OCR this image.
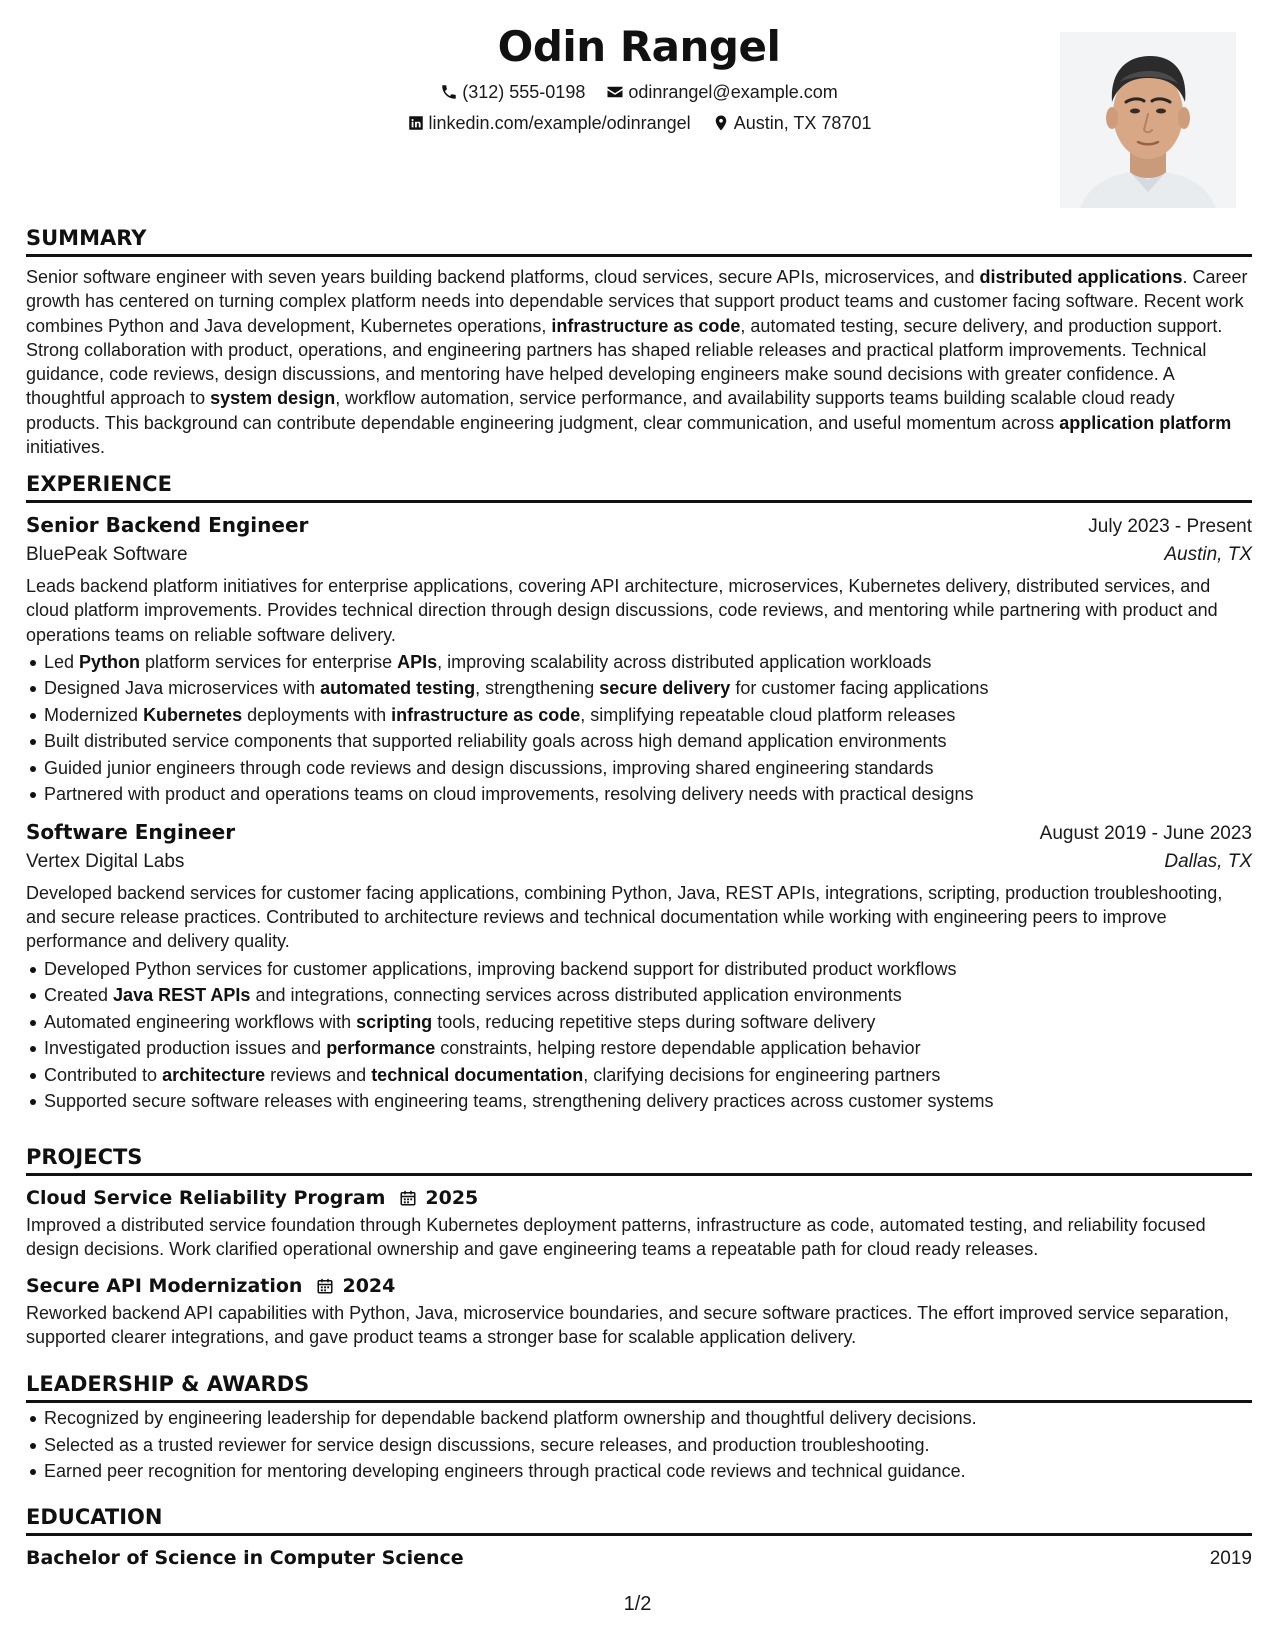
Odin Rangel
(312) 555-0198
odinrangel@example.com
linkedin.com/example/odinrangel
Austin, TX 78701
SUMMARY

Senior software engineer with seven years building backend platforms, cloud services, secure APIs, microservices, and distributed applications. Career growth has centered on turning complex platform needs into dependable services that support product teams and customer facing software. Recent work combines Python and Java development, Kubernetes operations, infrastructure as code, automated testing, secure delivery, and production support. Strong collaboration with product, operations, and engineering partners has shaped reliable releases and practical platform improvements. Technical guidance, code reviews, design discussions, and mentoring have helped developing engineers make sound decisions with greater confidence. A thoughtful approach to system design, workflow automation, service performance, and availability supports teams building scalable cloud ready products. This background can contribute dependable engineering judgment, clear communication, and useful momentum across application platform initiatives.

EXPERIENCE
Senior Backend Engineer	July 2023 - Present
BluePeak Software	Austin, TX

Leads backend platform initiatives for enterprise applications, covering API architecture, microservices, Kubernetes delivery, distributed services, and cloud platform improvements. Provides technical direction through design discussions, code reviews, and mentoring while partnering with product and operations teams on reliable software delivery.

Led Python platform services for enterprise APIs, improving scalability across distributed application workloads
Designed Java microservices with automated testing, strengthening secure delivery for customer facing applications
Modernized Kubernetes deployments with infrastructure as code, simplifying repeatable cloud platform releases
Built distributed service components that supported reliability goals across high demand application environments
Guided junior engineers through code reviews and design discussions, improving shared engineering standards
Partnered with product and operations teams on cloud improvements, resolving delivery needs with practical designs
Software Engineer	August 2019 - June 2023
Vertex Digital Labs	Dallas, TX

Developed backend services for customer facing applications, combining Python, Java, REST APIs, integrations, scripting, production troubleshooting, and secure release practices. Contributed to architecture reviews and technical documentation while working with engineering peers to improve performance and delivery quality.

Developed Python services for customer applications, improving backend support for distributed product workflows
Created Java REST APIs and integrations, connecting services across distributed application environments
Automated engineering workflows with scripting tools, reducing repetitive steps during software delivery
Investigated production issues and performance constraints, helping restore dependable application behavior
Contributed to architecture reviews and technical documentation, clarifying decisions for engineering partners
Supported secure software releases with engineering teams, strengthening delivery practices across customer systems
PROJECTS
Cloud Service Reliability Program 2025

Improved a distributed service foundation through Kubernetes deployment patterns, infrastructure as code, automated testing, and reliability focused design decisions. Work clarified operational ownership and gave engineering teams a repeatable path for cloud ready releases.

Secure API Modernization 2024

Reworked backend API capabilities with Python, Java, microservice boundaries, and secure software practices. The effort improved service separation, supported clearer integrations, and gave product teams a stronger base for scalable application delivery.

LEADERSHIP & AWARDS
Recognized by engineering leadership for dependable backend platform ownership and thoughtful delivery decisions.
Selected as a trusted reviewer for service design discussions, secure releases, and production troubleshooting.
Earned peer recognition for mentoring developing engineers through practical code reviews and technical guidance.
EDUCATION
Bachelor of Science in Computer Science	2019
1/2
